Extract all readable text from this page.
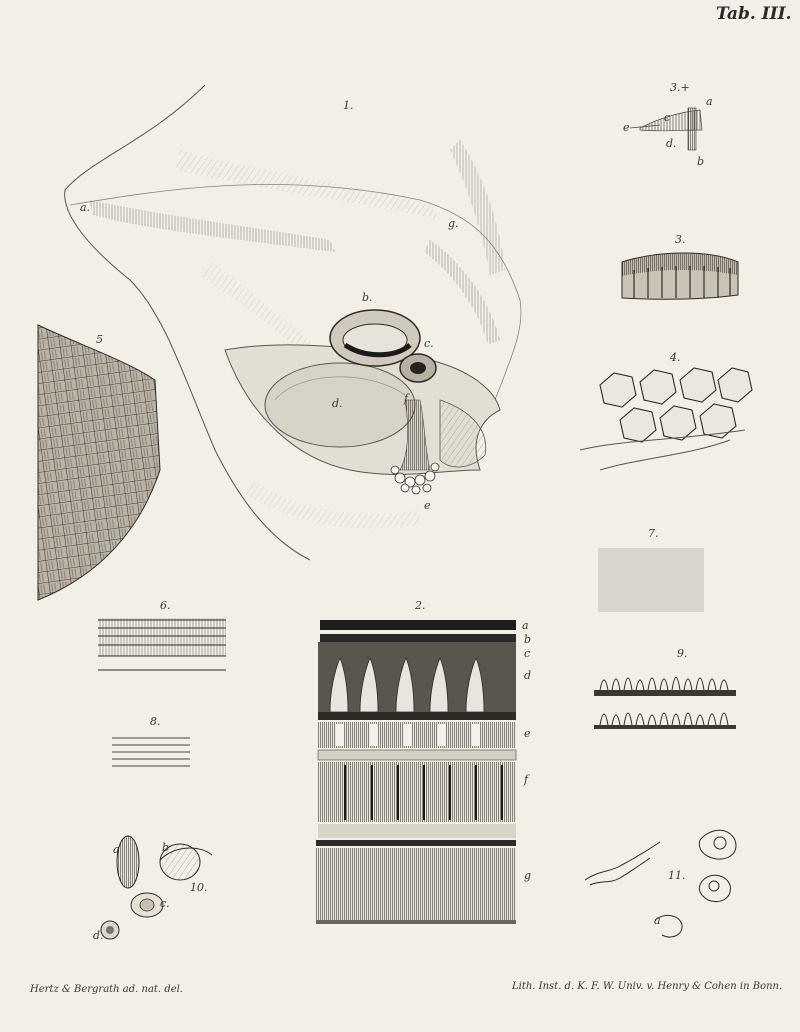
Tab. III.
1.
a.
b.
c.
d.
e
f
g.
2.
a
b
c
d
e
f
g
3.+
a
b
c
d.
e
3.
4.
5
6.
7.
8.
9.
10.
a	b
c.
d.
11.
a
Hertz & Bergrath ad. nat. del.	Lith. Inst. d. K. F. W. Univ. v. Henry & Cohen in Bonn.
